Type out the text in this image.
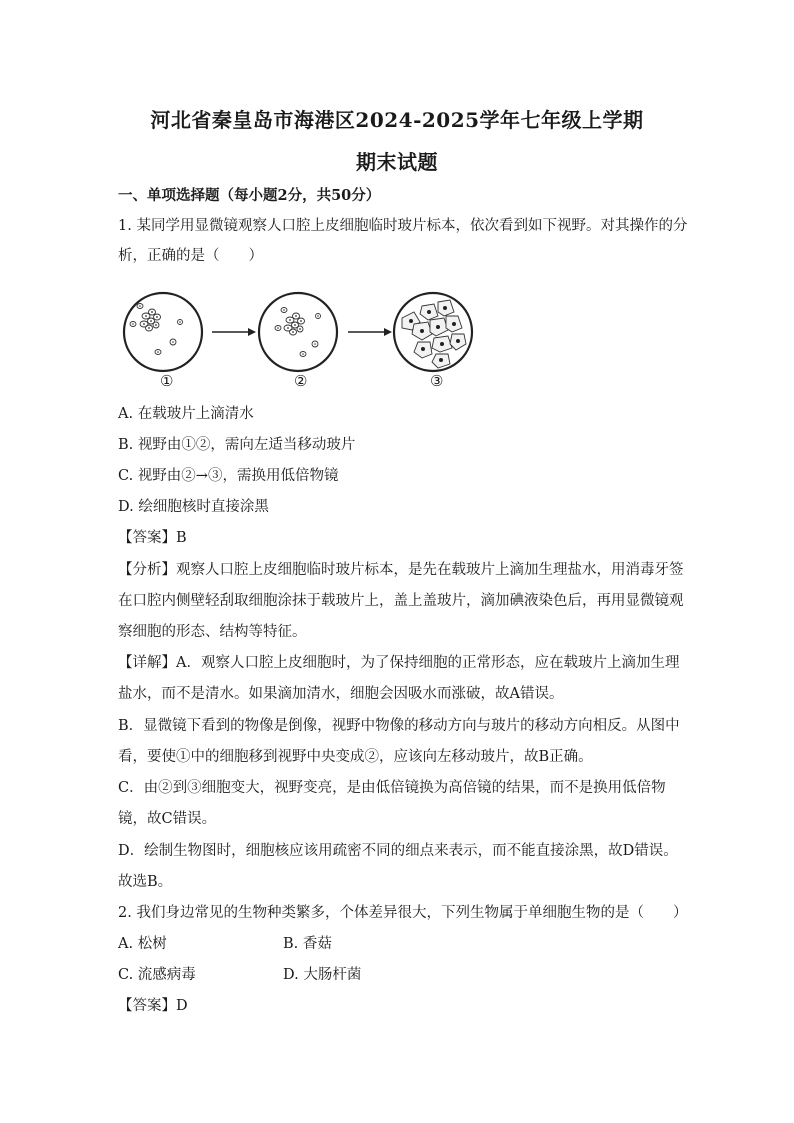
河北省秦皇岛市海港区2024-2025学年七年级上学期
期末试题
一、单项选择题（每小题2分，共50分）
1. 某同学用显微镜观察人口腔上皮细胞临时玻片标本，依次看到如下视野。对其操作的分
析，正确的是（　　）
①	②	③
A. 在载玻片上滴清水
B. 视野由①②，需向左适当移动玻片
C. 视野由②→③，需换用低倍物镜
D. 绘细胞核时直接涂黑
【答案】B
【分析】观察人口腔上皮细胞临时玻片标本，是先在载玻片上滴加生理盐水，用消毒牙签
在口腔内侧壁轻刮取细胞涂抹于载玻片上，盖上盖玻片，滴加碘液染色后，再用显微镜观
察细胞的形态、结构等特征。
【详解】A．观察人口腔上皮细胞时，为了保持细胞的正常形态，应在载玻片上滴加生理
盐水，而不是清水。如果滴加清水，细胞会因吸水而涨破，故A错误。
B．显微镜下看到的物像是倒像，视野中物像的移动方向与玻片的移动方向相反。从图中
看，要使①中的细胞移到视野中央变成②，应该向左移动玻片，故B正确。
C．由②到③细胞变大，视野变亮，是由低倍镜换为高倍镜的结果，而不是换用低倍物
镜，故C错误。
D．绘制生物图时，细胞核应该用疏密不同的细点来表示，而不能直接涂黑，故D错误。
故选B。
2. 我们身边常见的生物种类繁多，个体差异很大，下列生物属于单细胞生物的是（　　）
A. 松树	B. 香菇
C. 流感病毒	D. 大肠杆菌
【答案】D
